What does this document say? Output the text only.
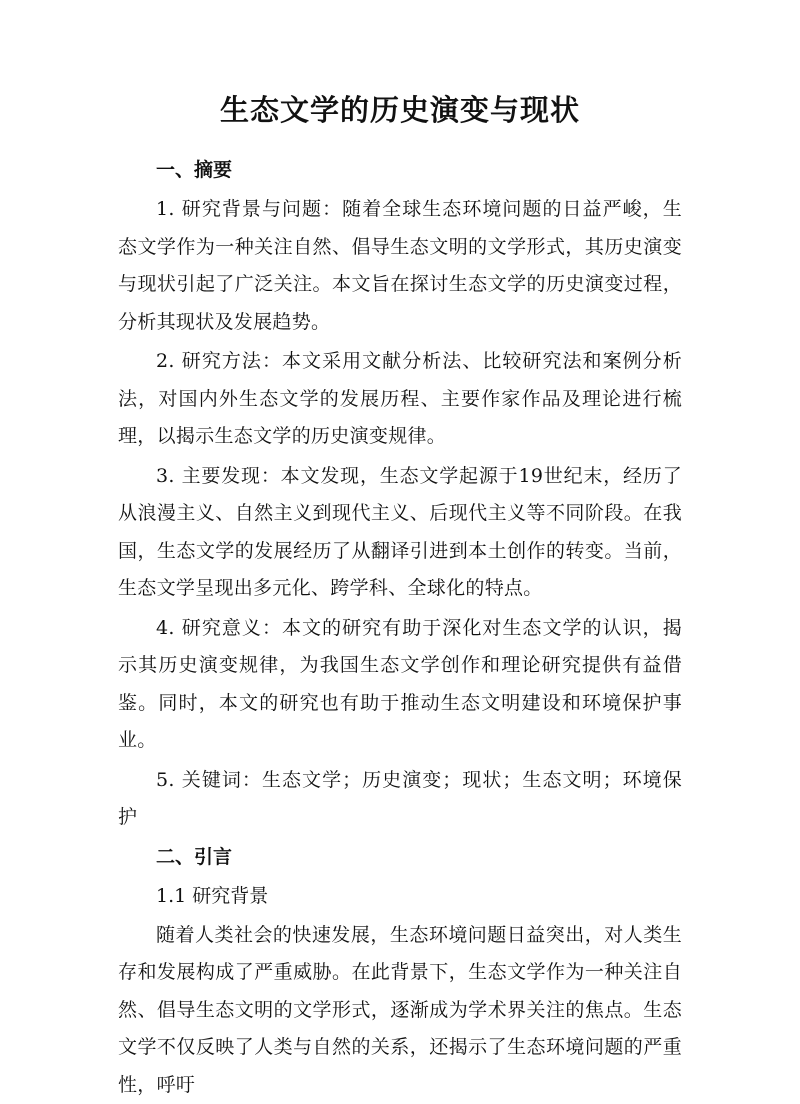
生态文学的历史演变与现状
一、摘要

1. 研究背景与问题：随着全球生态环境问题的日益严峻，生态文学作为一种关注自然、倡导生态文明的文学形式，其历史演变与现状引起了广泛关注。本文旨在探讨生态文学的历史演变过程，分析其现状及发展趋势。

2. 研究方法：本文采用文献分析法、比较研究法和案例分析法，对国内外生态文学的发展历程、主要作家作品及理论进行梳理，以揭示生态文学的历史演变规律。

3. 主要发现：本文发现，生态文学起源于19世纪末，经历了从浪漫主义、自然主义到现代主义、后现代主义等不同阶段。在我国，生态文学的发展经历了从翻译引进到本土创作的转变。当前，生态文学呈现出多元化、跨学科、全球化的特点。

4. 研究意义：本文的研究有助于深化对生态文学的认识，揭示其历史演变规律，为我国生态文学创作和理论研究提供有益借鉴。同时，本文的研究也有助于推动生态文明建设和环境保护事业。

5. 关键词：生态文学；历史演变；现状；生态文明；环境保护

二、引言
1.1 研究背景

随着人类社会的快速发展，生态环境问题日益突出，对人类生存和发展构成了严重威胁。在此背景下，生态文学作为一种关注自然、倡导生态文明的文学形式，逐渐成为学术界关注的焦点。生态文学不仅反映了人类与自然的关系，还揭示了生态环境问题的严重性，呼吁
